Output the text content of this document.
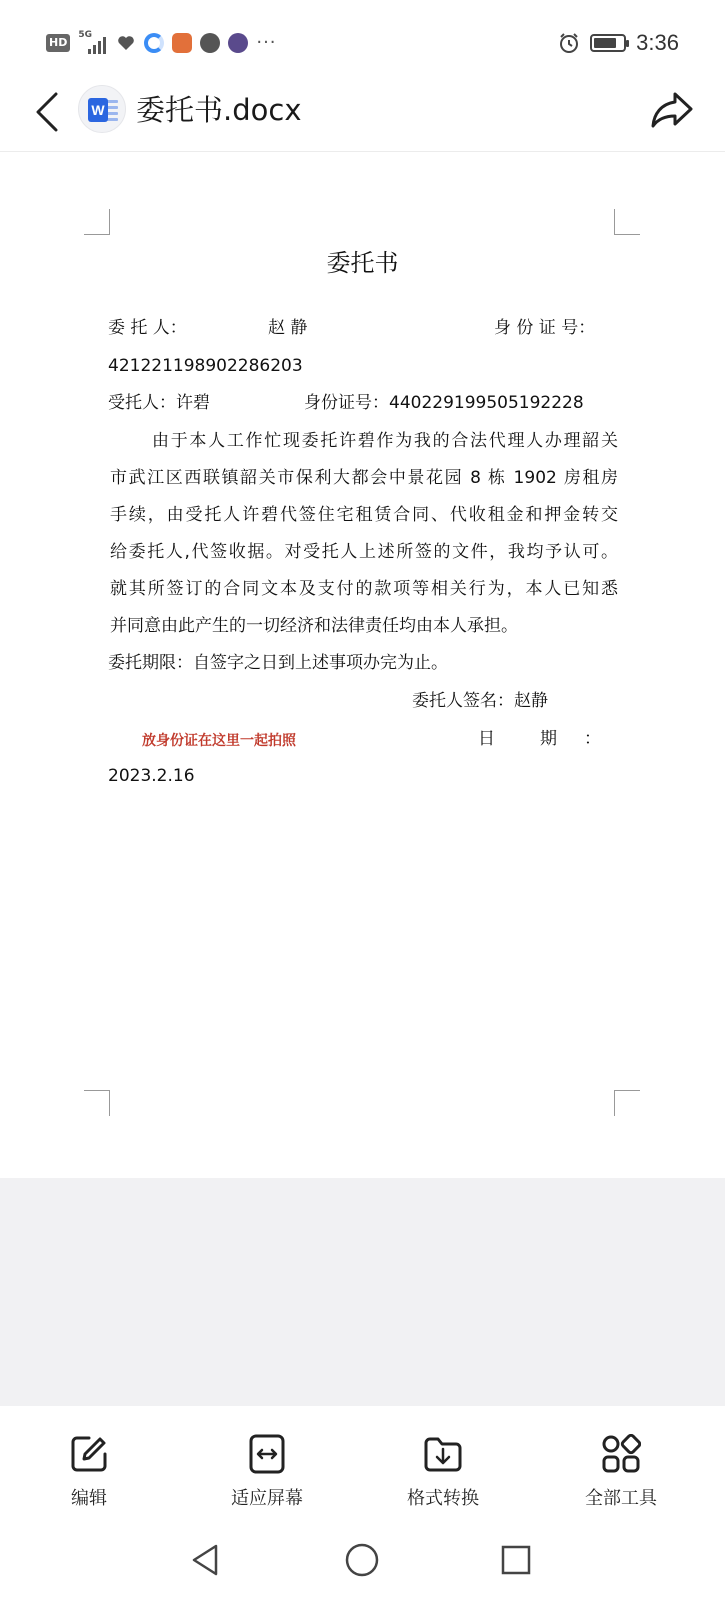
HD
5G	···	3:36
W 委托书.docx
委托书
委 托 人：	赵 静	身 份 证 号：
421221198902286203
受托人：许碧	身份证号：440229199505192228
由于本人工作忙现委托许碧作为我的合法代理人办理韶关
市武江区西联镇韶关市保利大都会中景花园 8 栋 1902 房租房
手续，由受托人许碧代签住宅租赁合同、代收租金和押金转交
给委托人,代签收据。对受托人上述所签的文件，我均予认可。
就其所签订的合同文本及支付的款项等相关行为，本人已知悉
并同意由此产生的一切经济和法律责任均由本人承担。
委托期限：自签字之日到上述事项办完为止。
委托人签名：赵静
放身份证在这里一起拍照	日	期 ：
2023.2.16
编辑	适应屏幕	格式转换	全部工具
